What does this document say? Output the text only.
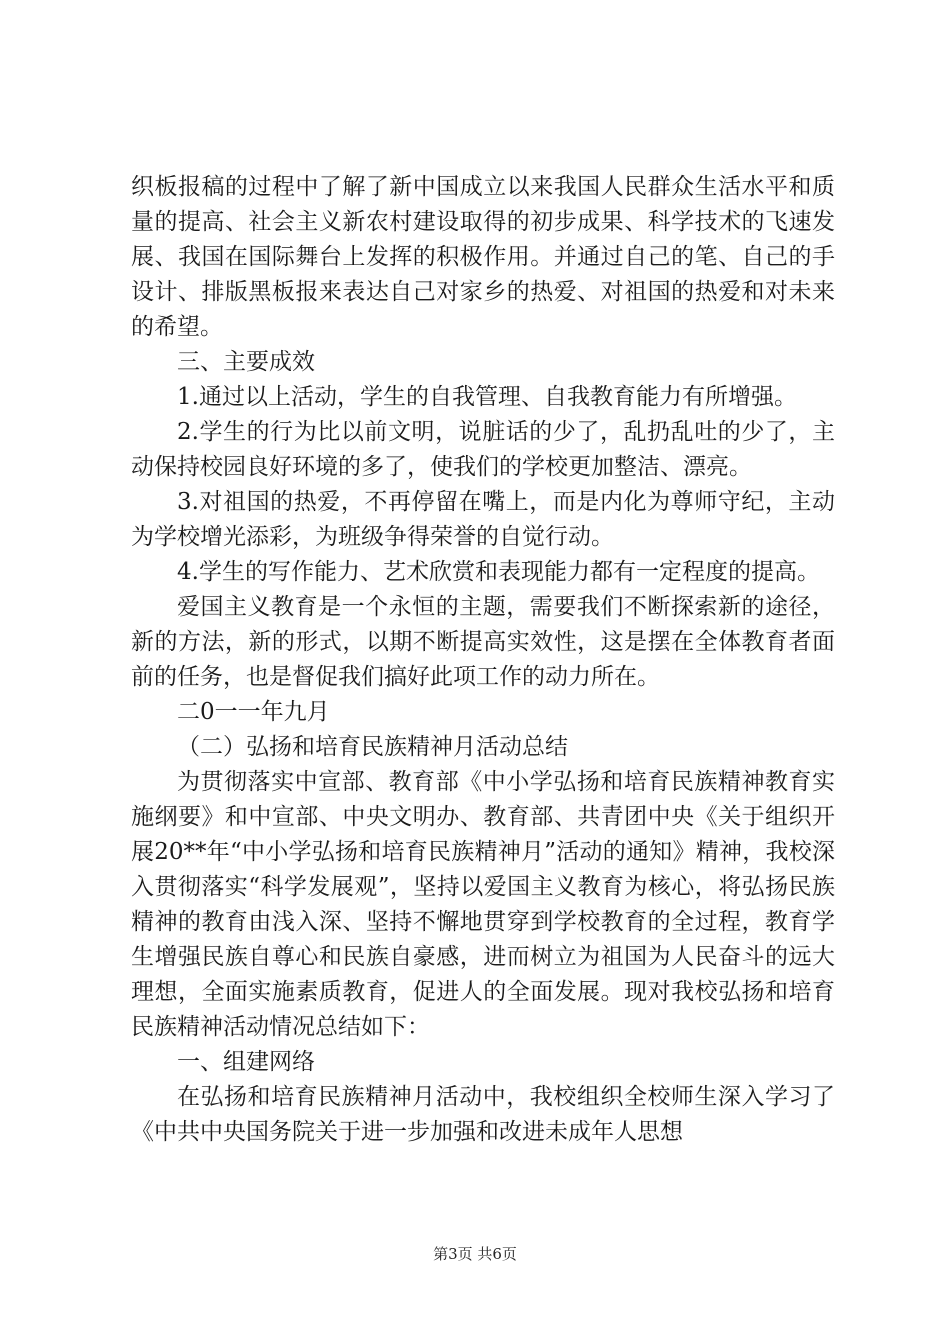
织板报稿的过程中了解了新中国成立以来我国人民群众生活水平和质量的提高、社会主义新农村建设取得的初步成果、科学技术的飞速发展、我国在国际舞台上发挥的积极作用。并通过自己的笔、自己的手设计、排版黑板报来表达自己对家乡的热爱、对祖国的热爱和对未来的希望。

三、主要成效

1.通过以上活动，学生的自我管理、自我教育能力有所增强。

2.学生的行为比以前文明，说脏话的少了，乱扔乱吐的少了，主动保持校园良好环境的多了，使我们的学校更加整洁、漂亮。

3.对祖国的热爱，不再停留在嘴上，而是内化为尊师守纪，主动为学校增光添彩，为班级争得荣誉的自觉行动。

4.学生的写作能力、艺术欣赏和表现能力都有一定程度的提高。

爱国主义教育是一个永恒的主题，需要我们不断探索新的途径，新的方法，新的形式，以期不断提高实效性，这是摆在全体教育者面前的任务，也是督促我们搞好此项工作的动力所在。

二0一一年九月

（二）弘扬和培育民族精神月活动总结

为贯彻落实中宣部、教育部《中小学弘扬和培育民族精神教育实施纲要》和中宣部、中央文明办、教育部、共青团中央《关于组织开展20**年“中小学弘扬和培育民族精神月”活动的通知》精神，我校深入贯彻落实“科学发展观”，坚持以爱国主义教育为核心，将弘扬民族精神的教育由浅入深、坚持不懈地贯穿到学校教育的全过程，教育学生增强民族自尊心和民族自豪感，进而树立为祖国为人民奋斗的远大理想，全面实施素质教育，促进人的全面发展。现对我校弘扬和培育民族精神活动情况总结如下：

一、组建网络

在弘扬和培育民族精神月活动中，我校组织全校师生深入学习了《中共中央国务院关于进一步加强和改进未成年人思想

第3页 共6页
